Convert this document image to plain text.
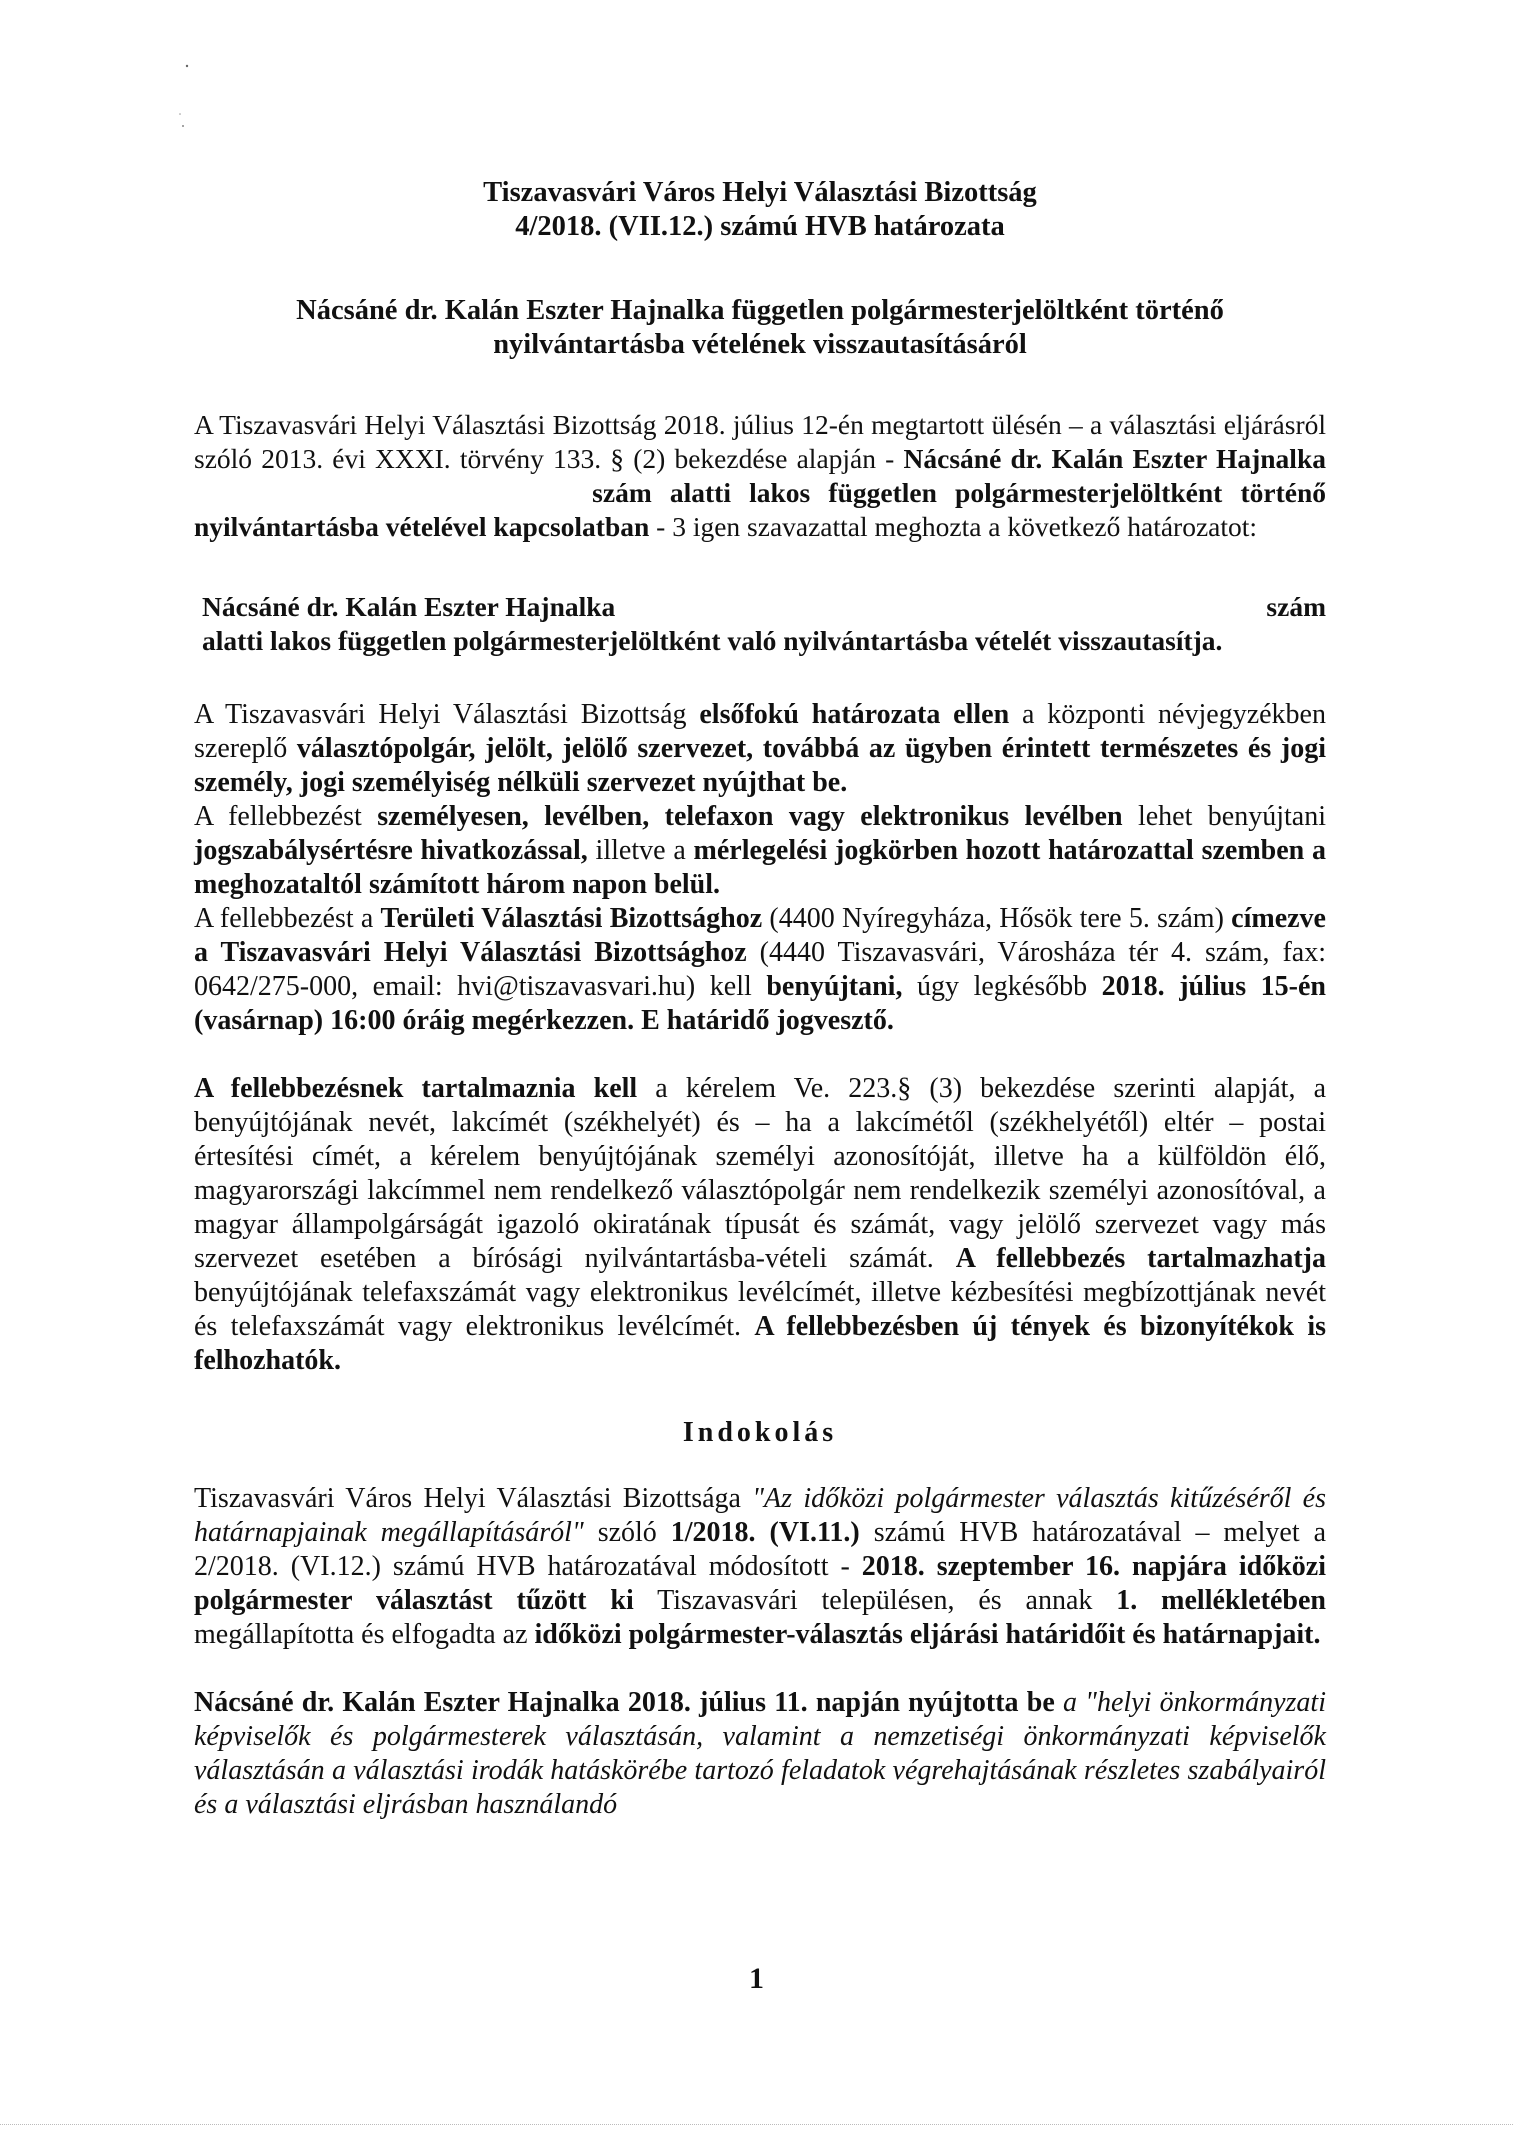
Tiszavasvári Város Helyi Választási Bizottság

4/2018. (VII.12.) számú HVB határozata

Nácsáné dr. Kalán Eszter Hajnalka független polgármesterjelöltként történő

nyilvántartásba vételének visszautasításáról

A Tiszavasvári Helyi Választási Bizottság 2018. július 12-én megtartott ülésén – a választási eljárásról szóló 2013. évi XXXI. törvény 133. § (2) bekezdése alapján - Nácsáné dr. Kalán Eszter Hajnalka szám alatti lakos független polgármesterjelöltként történő nyilvántartásba vételével kapcsolatban - 3 igen szavazattal meghozta a következő határozatot:

Nácsáné dr. Kalán Eszter Hajnalka	szám

alatti lakos független polgármesterjelöltként való nyilvántartásba vételét visszautasítja.

A Tiszavasvári Helyi Választási Bizottság elsőfokú határozata ellen a központi névjegyzékben szereplő választópolgár, jelölt, jelölő szervezet, továbbá az ügyben érintett természetes és jogi személy, jogi személyiség nélküli szervezet nyújthat be.

A fellebbezést személyesen, levélben, telefaxon vagy elektronikus levélben lehet benyújtani jogszabálysértésre hivatkozással, illetve a mérlegelési jogkörben hozott határozattal szemben a meghozataltól számított három napon belül.

A fellebbezést a Területi Választási Bizottsághoz (4400 Nyíregyháza, Hősök tere 5. szám) címezve a Tiszavasvári Helyi Választási Bizottsághoz (4440 Tiszavasvári, Városháza tér 4. szám, fax: 0642/275-000, email: hvi@tiszavasvari.hu) kell benyújtani, úgy legkésőbb 2018. július 15-én (vasárnap) 16:00 óráig megérkezzen. E határidő jogvesztő.

A fellebbezésnek tartalmaznia kell a kérelem Ve. 223.§ (3) bekezdése szerinti alapját, a benyújtójának nevét, lakcímét (székhelyét) és – ha a lakcímétől (székhelyétől) eltér – postai értesítési címét, a kérelem benyújtójának személyi azonosítóját, illetve ha a külföldön élő, magyarországi lakcímmel nem rendelkező választópolgár nem rendelkezik személyi azonosítóval, a magyar állampolgárságát igazoló okiratának típusát és számát, vagy jelölő szervezet vagy más szervezet esetében a bírósági nyilvántartásba-vételi számát. A fellebbezés tartalmazhatja benyújtójának telefaxszámát vagy elektronikus levélcímét, illetve kézbesítési megbízottjának nevét és telefaxszámát vagy elektronikus levélcímét. A fellebbezésben új tények és bizonyítékok is felhozhatók.

Indokolás

Tiszavasvári Város Helyi Választási Bizottsága "Az időközi polgármester választás kitűzéséről és határnapjainak megállapításáról" szóló 1/2018. (VI.11.) számú HVB határozatával – melyet a 2/2018. (VI.12.) számú HVB határozatával módosított - 2018. szeptember 16. napjára időközi polgármester választást tűzött ki Tiszavasvári településen, és annak 1. mellékletében megállapította és elfogadta az időközi polgármester-választás eljárási határidőit és határnapjait.

Nácsáné dr. Kalán Eszter Hajnalka 2018. július 11. napján nyújtotta be a "helyi önkormányzati képviselők és polgármesterek választásán, valamint a nemzetiségi önkormányzati képviselők választásán a választási irodák hatáskörébe tartozó feladatok végrehajtásának részletes szabályairól és a választási eljrásban használandó

1
